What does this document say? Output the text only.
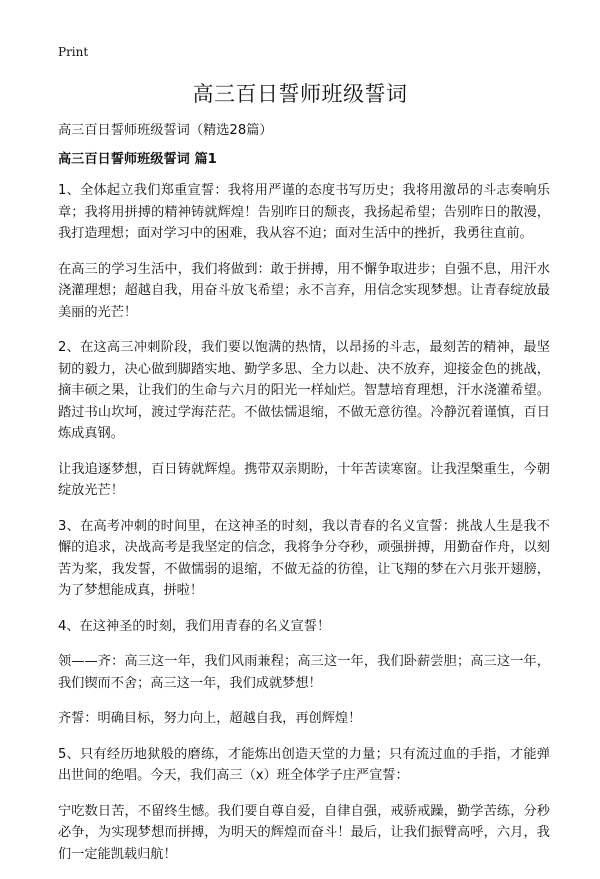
Print
高三百日誓师班级誓词

高三百日誓师班级誓词（精选28篇）

高三百日誓师班级誓词 篇1

1、全体起立我们郑重宣誓：我将用严谨的态度书写历史；我将用激昂的斗志奏响乐章；我将用拼搏的精神铸就辉煌！告别昨日的颓丧，我扬起希望；告别昨日的散漫，我打造理想；面对学习中的困难，我从容不迫；面对生活中的挫折，我勇往直前。

在高三的学习生活中，我们将做到：敢于拼搏，用不懈争取进步；自强不息，用汗水浇灌理想；超越自我，用奋斗放飞希望；永不言弃，用信念实现梦想。让青春绽放最美丽的光芒！

2、在这高三冲刺阶段，我们要以饱满的热情，以昂扬的斗志，最刻苦的精神，最坚韧的毅力，决心做到脚踏实地、勤学多思、全力以赴、决不放弃，迎接金色的挑战，摘丰硕之果，让我们的生命与六月的阳光一样灿烂。智慧培育理想，汗水浇灌希望。踏过书山坎坷，渡过学海茫茫。不做怯懦退缩，不做无意彷徨。冷静沉着谨慎，百日炼成真钢。

让我追逐梦想，百日铸就辉煌。携带双亲期盼，十年苦读寒窗。让我涅槃重生，今朝绽放光芒！

3、在高考冲刺的时间里，在这神圣的时刻，我以青春的名义宣誓：挑战人生是我不懈的追求，决战高考是我坚定的信念，我将争分夺秒，顽强拼搏，用勤奋作舟，以刻苦为桨，我发誓，不做懦弱的退缩，不做无益的彷徨，让飞翔的梦在六月张开翅膀，为了梦想能成真，拼啦！

4、在这神圣的时刻，我们用青春的名义宣誓！

领——齐：高三这一年，我们风雨兼程；高三这一年，我们卧薪尝胆；高三这一年，我们锲而不舍；高三这一年，我们成就梦想！

齐誓：明确目标，努力向上，超越自我，再创辉煌！

5、只有经历地狱般的磨练，才能炼出创造天堂的力量；只有流过血的手指，才能弹出世间的绝唱。今天，我们高三（x）班全体学子庄严宣誓：

宁吃数日苦，不留终生憾。我们要自尊自爱，自律自强，戒骄戒躁，勤学苦练，分秒必争，为实现梦想而拼搏，为明天的辉煌而奋斗！最后，让我们振臂高呼，六月，我们一定能凯载归航！
